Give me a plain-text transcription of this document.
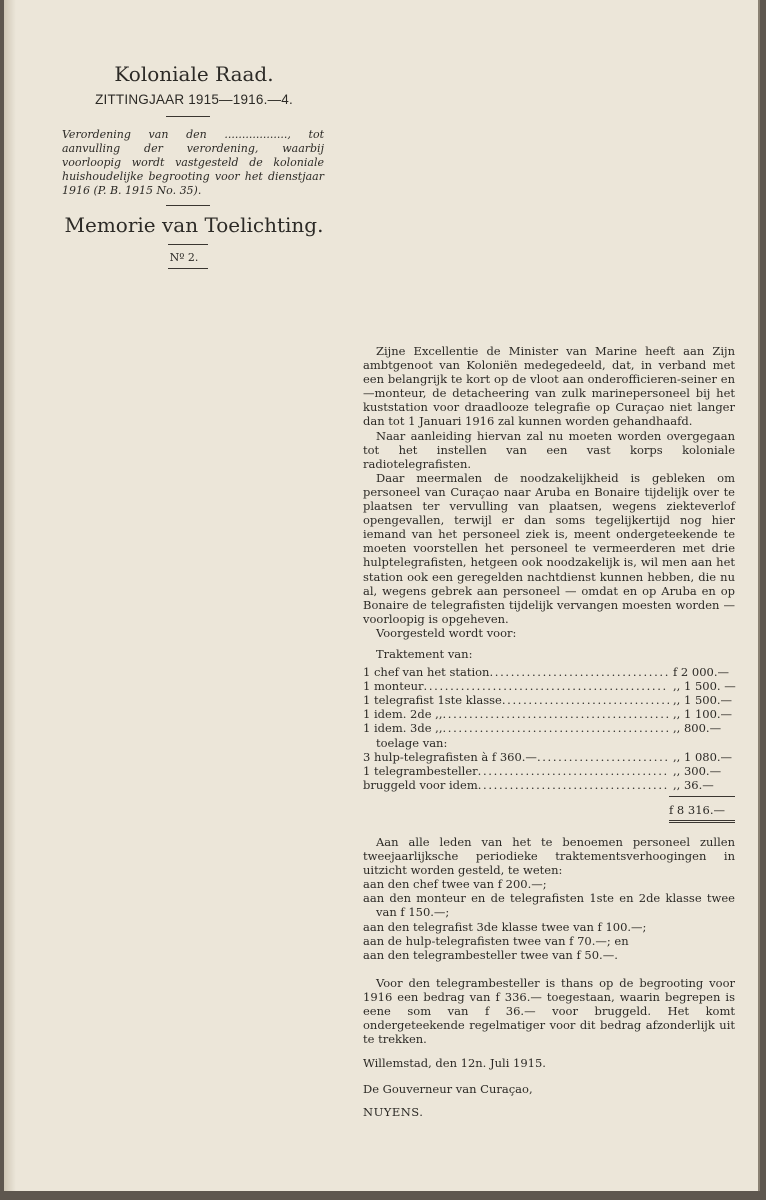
Koloniale Raad.
ZITTINGJAAR 1915—1916.—4.
Verordening van den .................., tot aanvulling der verordening, waarbij voorloopig wordt vastgesteld de koloniale huishoudelijke begrooting voor het dienstjaar 1916 (P. B. 1915 No. 35).
Memorie van Toelichting.
Nº 2.

Zijne Excellentie de Minister van Marine heeft aan Zijn ambtgenoot van Koloniën medegedeeld, dat, in verband met een belangrijk te kort op de vloot aan onderofficieren-seiner en —monteur, de detacheering van zulk marinepersoneel bij het kuststation voor draadlooze telegrafie op Curaçao niet langer dan tot 1 Januari 1916 zal kunnen worden gehandhaafd.

Naar aanleiding hiervan zal nu moeten worden overgegaan tot het instellen van een vast korps koloniale radiotelegrafisten.

Daar meermalen de noodzakelijkheid is gebleken om personeel van Curaçao naar Aruba en Bonaire tijdelijk over te plaatsen ter vervulling van plaatsen, wegens ziekteverlof opengevallen, terwijl er dan soms tegelijkertijd nog hier iemand van het personeel ziek is, meent ondergeteekende te moeten voorstellen het personeel te vermeerderen met drie hulptelegrafisten, hetgeen ook noodzakelijk is, wil men aan het station ook een geregelden nachtdienst kunnen hebben, die nu al, wegens gebrek aan personeel — omdat en op Aruba en op Bonaire de telegrafisten tijdelijk vervangen moesten worden — voorloopig is opgeheven.

Voorgesteld wordt voor:

Traktement van:

1 chef van het station . . .	f 2 000.—
1 monteur . . .	,, 1 500. —
1 telegrafist 1ste klasse . . .	,, 1 500.—
1 idem. 2de ,, . . .	,, 1 100.—
1 idem. 3de ,, . . .	,, 800.—
toelage van:
3 hulp-telegrafisten à f 360.— . . .	,, 1 080.—
1 telegrambesteller . . .	,, 300.—
bruggeld voor idem . . .	,, 36.—
f 8 316.—

Aan alle leden van het te benoemen personeel zullen tweejaarlijksche periodieke traktementsverhoogingen in uitzicht worden gesteld, te weten:

aan den chef twee van f 200.—;

aan den monteur en de telegrafisten 1ste en 2de klasse twee van f 150.—;

aan den telegrafist 3de klasse twee van f 100.—;

aan de hulp-telegrafisten twee van f 70.—; en

aan den telegrambesteller twee van f 50.—.

Voor den telegrambesteller is thans op de begrooting voor 1916 een bedrag van f 336.— toegestaan, waarin begrepen is eene som van f 36.— voor bruggeld. Het komt ondergeteekende regelmatiger voor dit bedrag afzonderlijk uit te trekken.

Willemstad, den 12n. Juli 1915.

De Gouverneur van Curaçao,

NUYENS.
